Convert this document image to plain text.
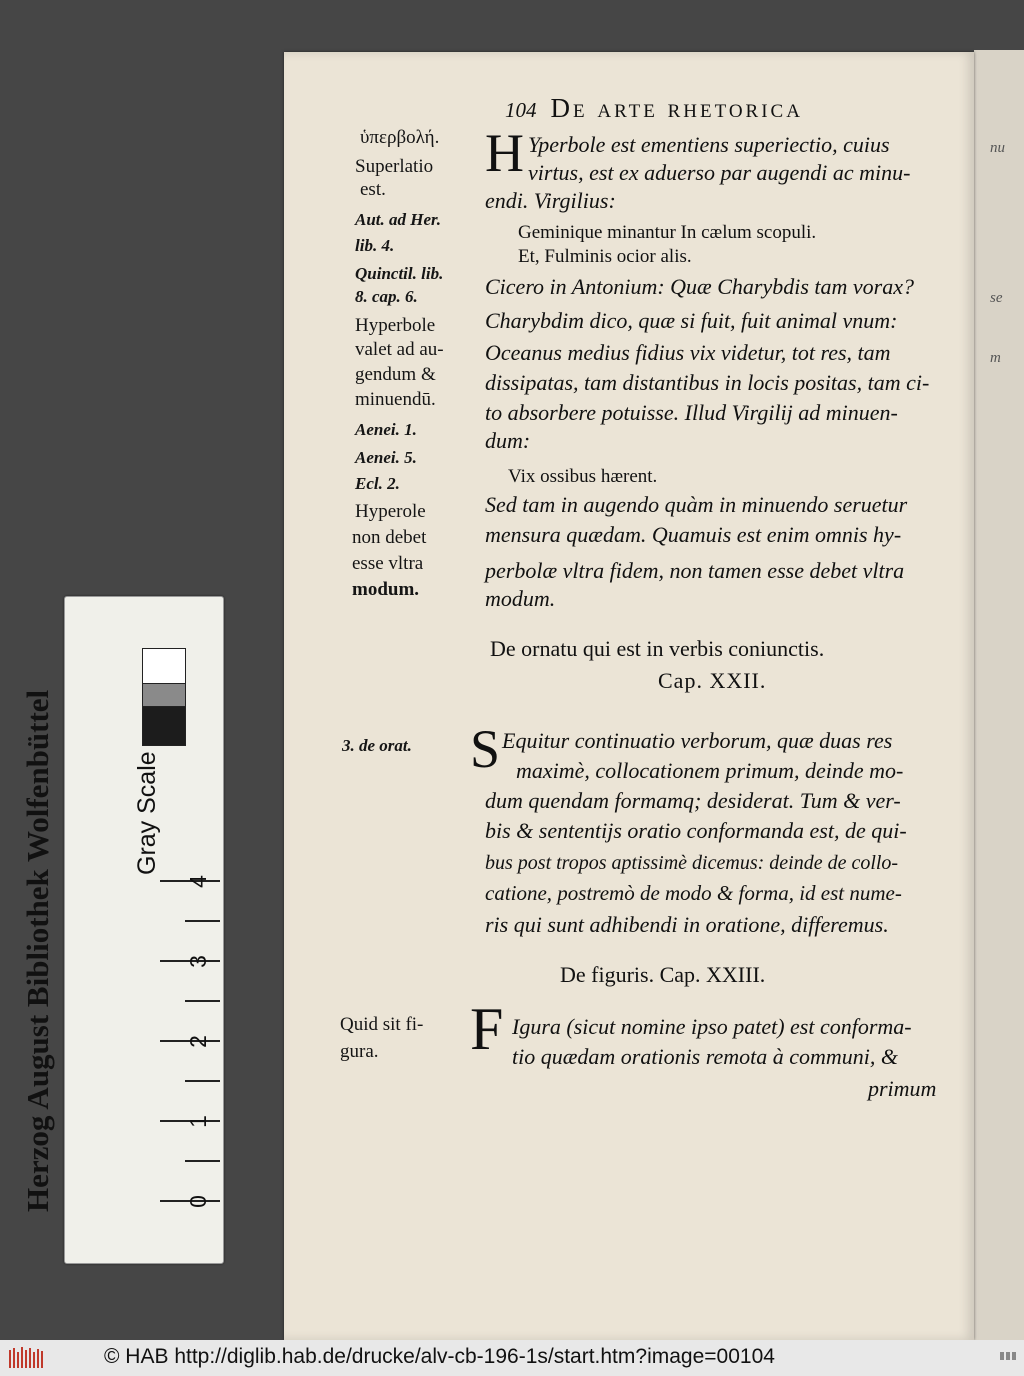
104 De arte rhetorica
ὑπερβολή.
Superlatio
est.
Aut. ad Her.
lib. 4.
Quinctil. lib.
8. cap. 6.
Hyperbole
valet ad au-
gendum &
minuendū.
Aenei. 1.
Aenei. 5.
Ecl. 2.
Hyperole
non debet
esse vltra
modum.
3. de orat.
Quid sit fi-
gura.
H Yperbole est ementiens superiectio, cuius
virtus, est ex aduerso par augendi ac minu-
endi. Virgilius:
Geminique minantur In cælum scopuli.
Et, Fulminis ocior alis.
Cicero in Antonium: Quæ Charybdis tam vorax?
Charybdim dico, quæ si fuit, fuit animal vnum:
Oceanus medius fidius vix videtur, tot res, tam
dissipatas, tam distantibus in locis positas, tam ci-
to absorbere potuisse. Illud Virgilij ad minuen-
dum:
Vix ossibus hærent.
Sed tam in augendo quàm in minuendo seruetur
mensura quædam. Quamuis est enim omnis hy-
perbolæ vltra fidem, non tamen esse debet vltra
modum.
De ornatu qui est in verbis coniunctis.
Cap. XXII.
S Equitur continuatio verborum, quæ duas res
maximè, collocationem primum, deinde mo-
dum quendam formamq; desiderat. Tum & ver-
bis & sententijs oratio conformanda est, de qui-
bus post tropos aptissimè dicemus: deinde de collo-
catione, postremò de modo & forma, id est nume-
ris qui sunt adhibendi in oratione, differemus.
De figuris. Cap. XXIII.
F Igura (sicut nomine ipso patet) est conforma-
tio quædam orationis remota à communi, &
primum
nu
se
m
Herzog August Bibliothek Wolfenbüttel	Gray Scale
0
1
2
3
4
© HAB http://diglib.hab.de/drucke/alv-cb-196-1s/start.htm?image=00104
